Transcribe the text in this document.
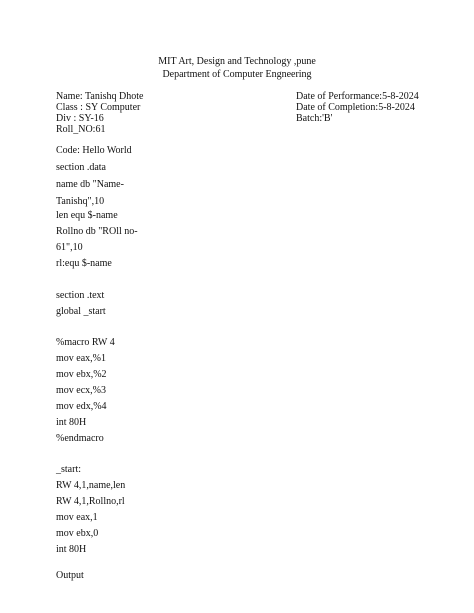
MIT Art, Design and Technology ,pune
Department of Computer Engneering
Name: Tanishq Dhote
Class : SY Computer
Div : SY-16
Roll_NO:61
Date of Performance:5-8-2024
Date of Completion:5-8-2024
Batch:'B'
Code: Hello World
section .data
name db "Name-
Tanishq",10
len equ $-name
Rollno db "ROll no-
61",10
rl:equ $-name
section .text
global _start
%macro RW 4
mov eax,%1
mov ebx,%2
mov ecx,%3
mov edx,%4
int 80H
%endmacro
_start:
RW 4,1,name,len
RW 4,1,Rollno,rl
mov eax,1
mov ebx,0
int 80H
Output
